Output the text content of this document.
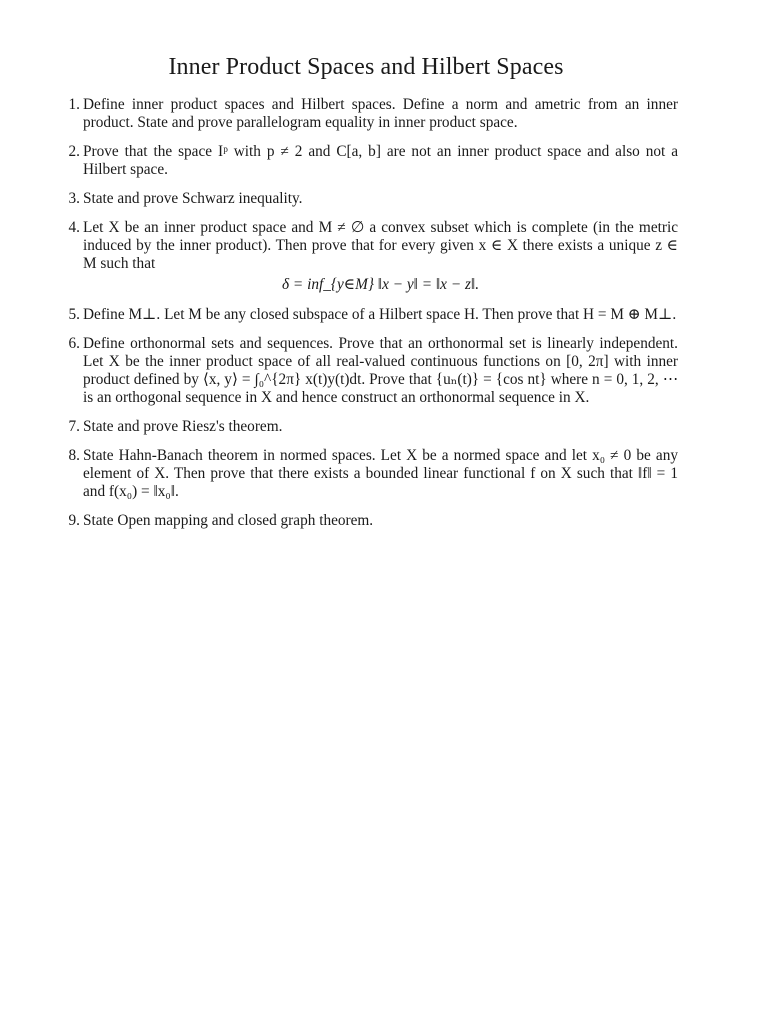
Inner Product Spaces and Hilbert Spaces
1. Define inner product spaces and Hilbert spaces. Define a norm and ametric from an inner product. State and prove parallelogram equality in inner product space.
2. Prove that the space Iᵖ with p ≠ 2 and C[a, b] are not an inner product space and also not a Hilbert space.
3. State and prove Schwarz inequality.
4. Let X be an inner product space and M ≠ ∅ a convex subset which is complete (in the metric induced by the inner product). Then prove that for every given x ∈ X there exists a unique z ∈ M such that
δ = inf_{y∈M} ‖x − y‖ = ‖x − z‖.
5. Define M⊥. Let M be any closed subspace of a Hilbert space H. Then prove that H = M ⊕ M⊥.
6. Define orthonormal sets and sequences. Prove that an orthonormal set is linearly independent. Let X be the inner product space of all real-valued continuous functions on [0, 2π] with inner product defined by ⟨x, y⟩ = ∫₀^{2π} x(t)y(t)dt. Prove that {uₙ(t)} = {cos nt} where n = 0, 1, 2, ⋯ is an orthogonal sequence in X and hence construct an orthonormal sequence in X.
7. State and prove Riesz's theorem.
8. State Hahn-Banach theorem in normed spaces. Let X be a normed space and let x₀ ≠ 0 be any element of X. Then prove that there exists a bounded linear functional f on X such that ‖f‖ = 1 and f(x₀) = ‖x₀‖.
9. State Open mapping and closed graph theorem.
